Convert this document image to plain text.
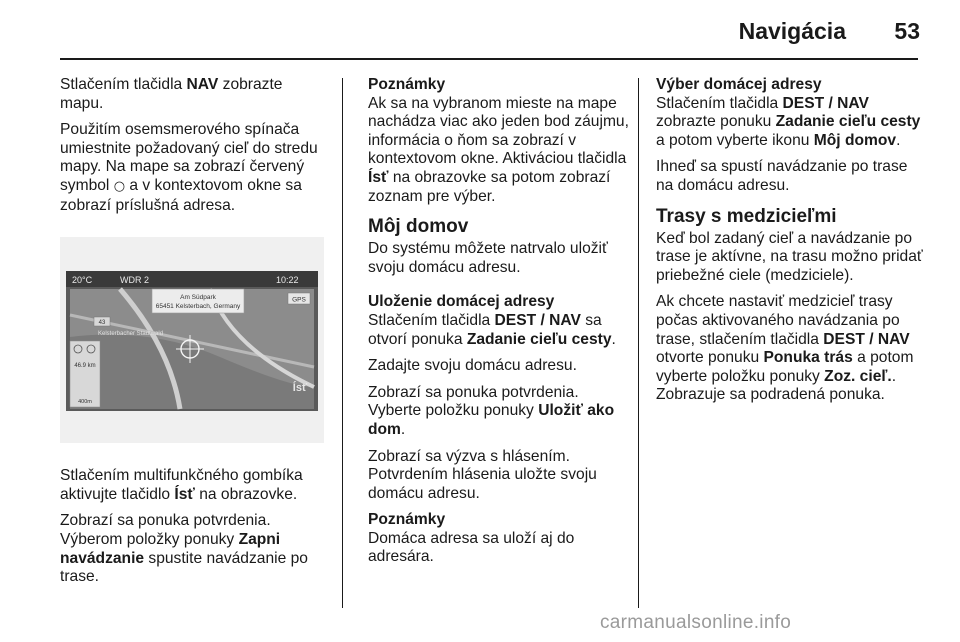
Navigácia	53

Stlačením tlačidla NAV zobrazte mapu.

Použitím osemsmerového spínača umiestnite požadovaný cieľ do stredu mapy. Na mape sa zobrazí červený symbol ○ a v kontextovom okne sa zobrazí príslušná adresa.

20°C	WDR 2	10:22
Am Südpark
65451 Kelsterbach, Germany
GPS
43
Kelsterbacher Stadtwald
46.9 km
400m
Ísť

Stlačením multifunkčného gombíka aktivujte tlačidlo Ísť na obrazovke.

Zobrazí sa ponuka potvrdenia. Výberom položky ponuky Zapni navádzanie spustite navádzanie po trase.

Poznámky
Ak sa na vybranom mieste na mape nachádza viac ako jeden bod záujmu, informácia o ňom sa zobrazí v kontextovom okne. Aktiváciou tlačidla Ísť na obrazovke sa potom zobrazí zoznam pre výber.
Môj domov

Do systému môžete natrvalo uložiť svoju domácu adresu.

Uloženie domácej adresy

Stlačením tlačidla DEST / NAV sa otvorí ponuka Zadanie cieľu cesty.

Zadajte svoju domácu adresu.

Zobrazí sa ponuka potvrdenia. Vyberte položku ponuky Uložiť ako dom.

Zobrazí sa výzva s hlásením. Potvrdením hlásenia uložte svoju domácu adresu.

Poznámky
Domáca adresa sa uloží aj do adresára.
Výber domácej adresy

Stlačením tlačidla DEST / NAV zobrazte ponuku Zadanie cieľu cesty a potom vyberte ikonu Môj domov.

Ihneď sa spustí navádzanie po trase na domácu adresu.

Trasy s medzicieľmi

Keď bol zadaný cieľ a navádzanie po trase je aktívne, na trasu možno pridať priebežné ciele (medziciele).

Ak chcete nastaviť medzicieľ trasy počas aktivovaného navádzania po trase, stlačením tlačidla DEST / NAV otvorte ponuku Ponuka trás a potom vyberte položku ponuky Zoz. cieľ.. Zobrazuje sa podradená ponuka.

carmanualsonline.info
